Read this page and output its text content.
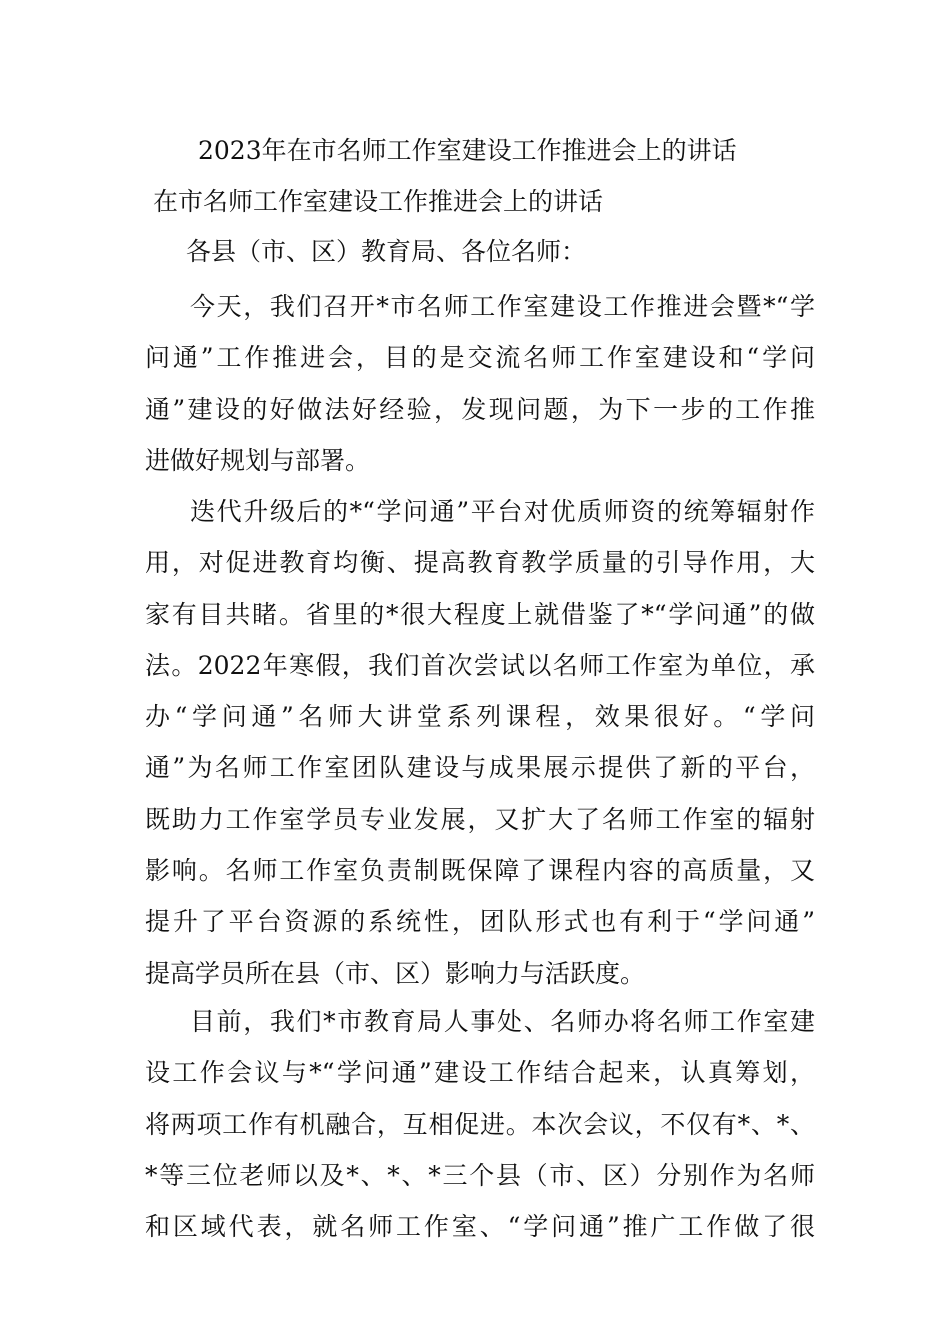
2023年在市名师工作室建设工作推进会上的讲话
在市名师工作室建设工作推进会上的讲话
各县（市、区）教育局、各位名师：
今天，我们召开*市名师工作室建设工作推进会暨*“学
问通”工作推进会，目的是交流名师工作室建设和“学问
通”建设的好做法好经验，发现问题，为下一步的工作推
进做好规划与部署。
迭代升级后的*“学问通”平台对优质师资的统筹辐射作
用，对促进教育均衡、提高教育教学质量的引导作用，大
家有目共睹。省里的*很大程度上就借鉴了*“学问通”的做
法。2022年寒假，我们首次尝试以名师工作室为单位，承
办“学问通”名师大讲堂系列课程，效果很好。“学问
通”为名师工作室团队建设与成果展示提供了新的平台，
既助力工作室学员专业发展，又扩大了名师工作室的辐射
影响。名师工作室负责制既保障了课程内容的高质量，又
提升了平台资源的系统性，团队形式也有利于“学问通”
提高学员所在县（市、区）影响力与活跃度。
目前，我们*市教育局人事处、名师办将名师工作室建
设工作会议与*“学问通”建设工作结合起来，认真筹划，
将两项工作有机融合，互相促进。本次会议，不仅有*、*、
*等三位老师以及*、*、*三个县（市、区）分别作为名师
和区域代表，就名师工作室、“学问通”推广工作做了很
